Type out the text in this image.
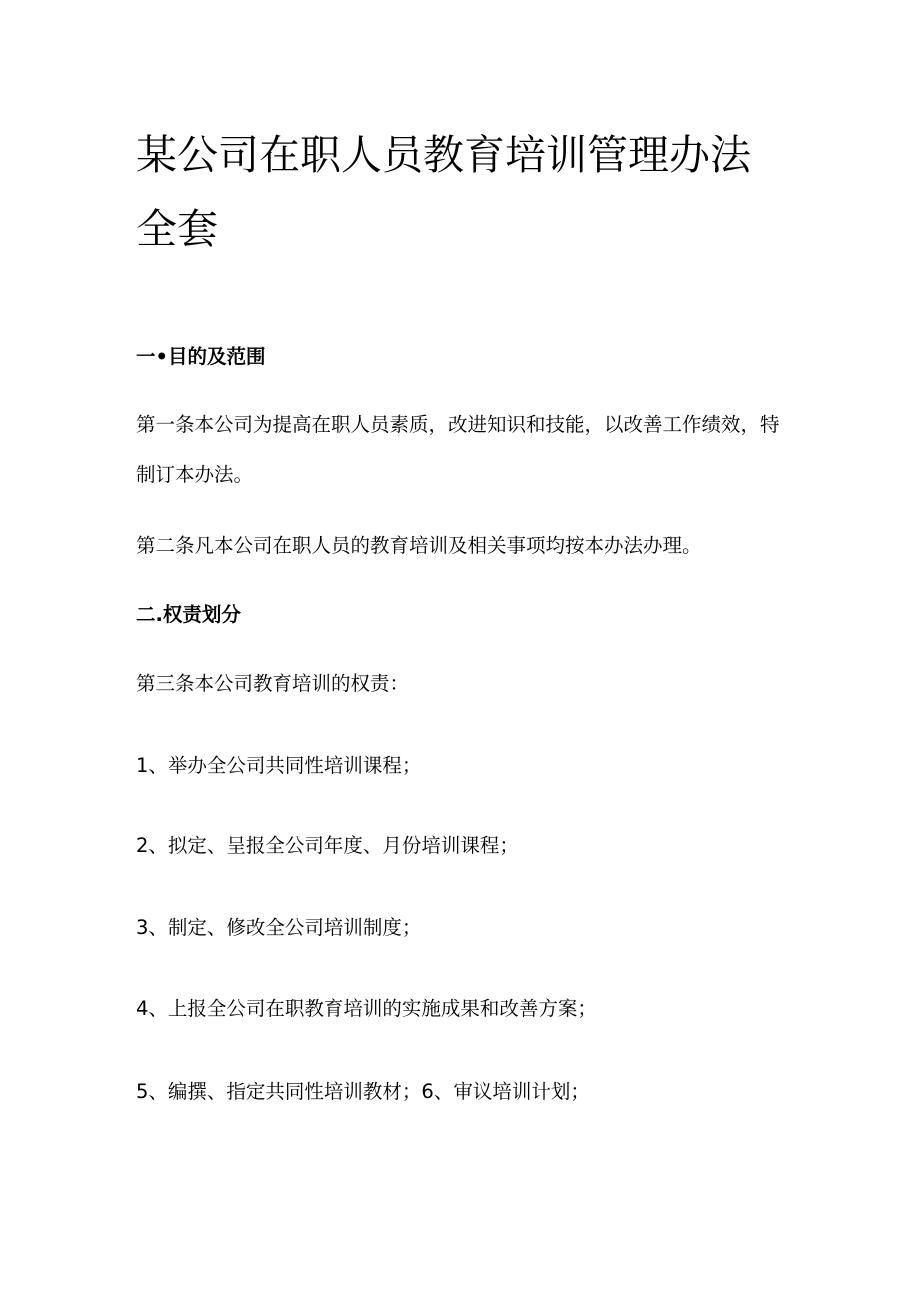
某公司在职人员教育培训管理办法全套

一•目的及范围

第一条本公司为提高在职人员素质，改进知识和技能，以改善工作绩效，特制订本办法。

第二条凡本公司在职人员的教育培训及相关事项均按本办法办理。

二.权责划分

第三条本公司教育培训的权责：

1、举办全公司共同性培训课程；

2、拟定、呈报全公司年度、月份培训课程；

3、制定、修改全公司培训制度；

4、上报全公司在职教育培训的实施成果和改善方案；

5、编撰、指定共同性培训教材；6、审议培训计划；
